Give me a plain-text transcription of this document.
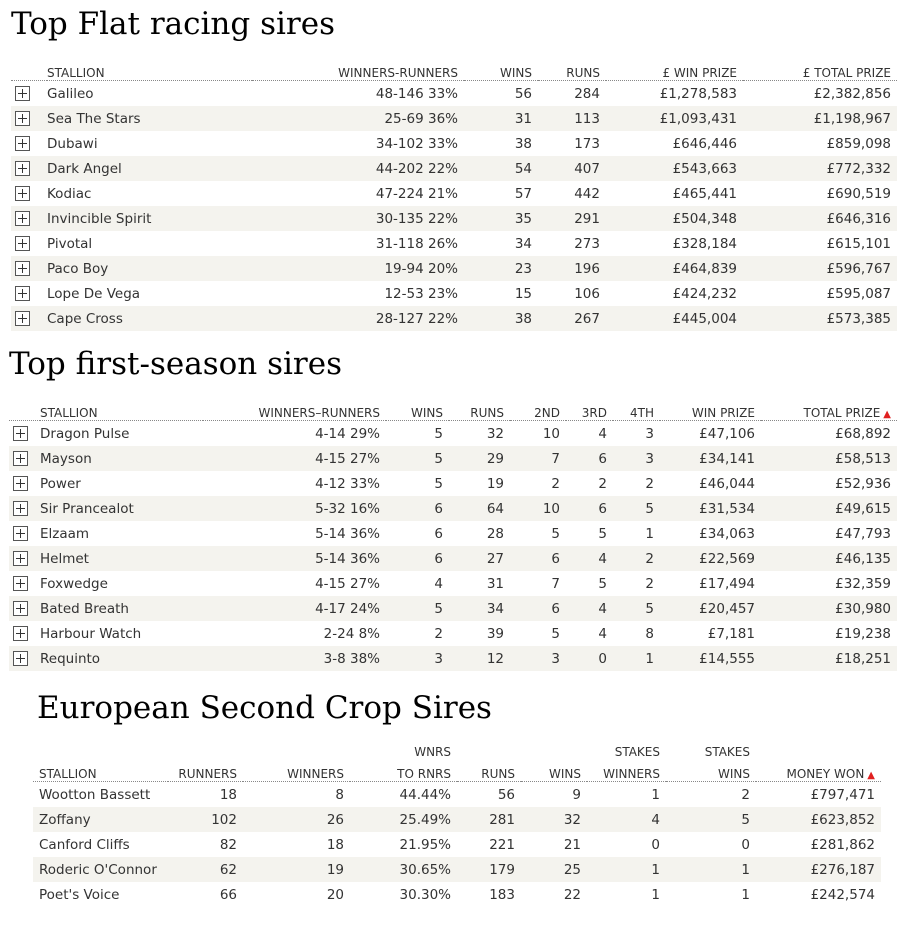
Top Flat racing sires
	STALLION	WINNERS-RUNNERS	WINS	RUNS	£ WIN PRIZE	£ TOTAL PRIZE
	Galileo	48-146 33%	56	284	£1,278,583	£2,382,856
	Sea The Stars	25-69 36%	31	113	£1,093,431	£1,198,967
	Dubawi	34-102 33%	38	173	£646,446	£859,098
	Dark Angel	44-202 22%	54	407	£543,663	£772,332
	Kodiac	47-224 21%	57	442	£465,441	£690,519
	Invincible Spirit	30-135 22%	35	291	£504,348	£646,316
	Pivotal	31-118 26%	34	273	£328,184	£615,101
	Paco Boy	19-94 20%	23	196	£464,839	£596,767
	Lope De Vega	12-53 23%	15	106	£424,232	£595,087
	Cape Cross	28-127 22%	38	267	£445,004	£573,385
Top first-season sires
	STALLION	WINNERS–RUNNERS	WINS	RUNS	2ND	3RD	4TH	WIN PRIZE	TOTAL PRIZE ▲
	Dragon Pulse	4-14 29%	5	32	10	4	3	£47,106	£68,892
	Mayson	4-15 27%	5	29	7	6	3	£34,141	£58,513
	Power	4-12 33%	5	19	2	2	2	£46,044	£52,936
	Sir Prancealot	5-32 16%	6	64	10	6	5	£31,534	£49,615
	Elzaam	5-14 36%	6	28	5	5	1	£34,063	£47,793
	Helmet	5-14 36%	6	27	6	4	2	£22,569	£46,135
	Foxwedge	4-15 27%	4	31	7	5	2	£17,494	£32,359
	Bated Breath	4-17 24%	5	34	6	4	5	£20,457	£30,980
	Harbour Watch	2-24 8%	2	39	5	4	8	£7,181	£19,238
	Requinto	3-8 38%	3	12	3	0	1	£14,555	£18,251
European Second Crop Sires
			WNRS			STAKES	STAKES	
STALLION	RUNNERS	WINNERS	TO RNRS	RUNS	WINS	WINNERS	WINS	MONEY WON ▲
Wootton Bassett	18	8	44.44%	56	9	1	2	£797,471
Zoffany	102	26	25.49%	281	32	4	5	£623,852
Canford Cliffs	82	18	21.95%	221	21	0	0	£281,862
Roderic O'Connor	62	19	30.65%	179	25	1	1	£276,187
Poet's Voice	66	20	30.30%	183	22	1	1	£242,574
